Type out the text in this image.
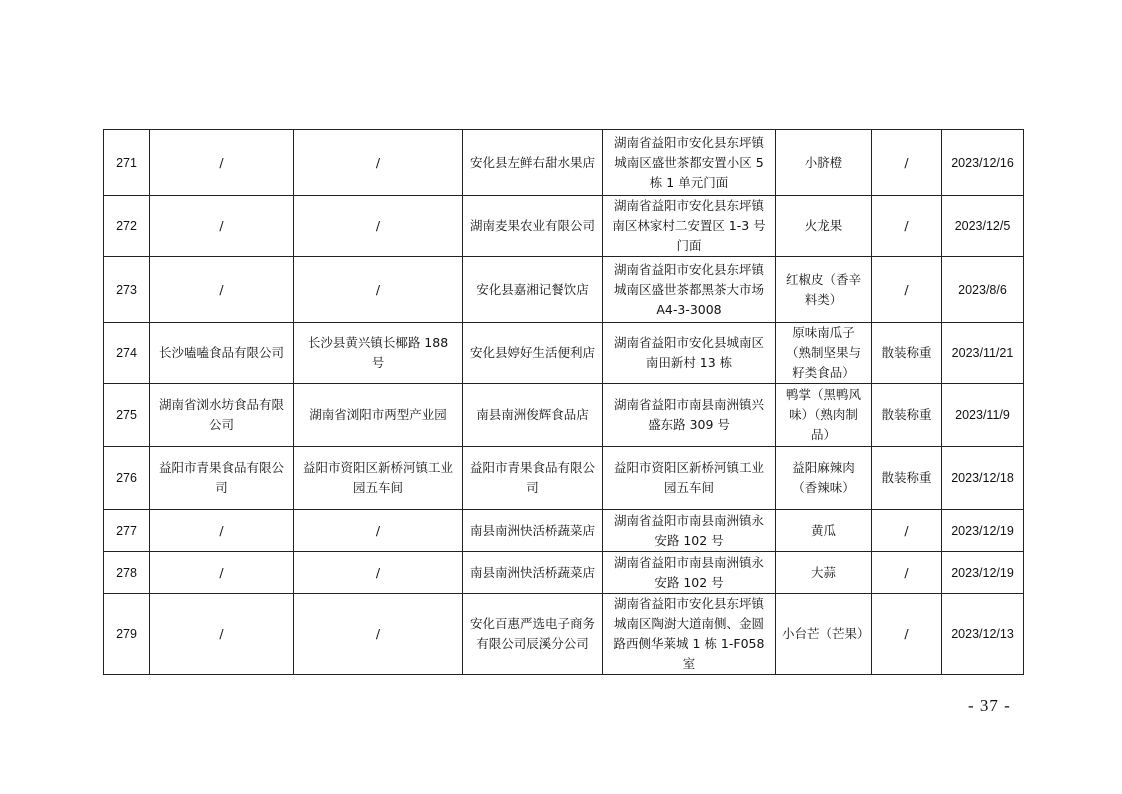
271	/	/	安化县左鲜右甜水果店	湖南省益阳市安化县东坪镇城南区盛世茶都安置小区 5 栋 1 单元门面	小脐橙	/	2023/12/16
272	/	/	湖南麦果农业有限公司	湖南省益阳市安化县东坪镇南区林家村二安置区 1-3 号门面	火龙果	/	2023/12/5
273	/	/	安化县嘉湘记餐饮店	湖南省益阳市安化县东坪镇城南区盛世茶都黑茶大市场 A4-3-3008	红椒皮（香辛料类）	/	2023/8/6
274	长沙嗑嗑食品有限公司	长沙县黄兴镇长椰路 188 号	安化县婷好生活便利店	湖南省益阳市安化县城南区南田新村 13 栋	原味南瓜子（熟制坚果与籽类食品）	散装称重	2023/11/21
275	湖南省浏水坊食品有限公司	湖南省浏阳市两型产业园	南县南洲俊辉食品店	湖南省益阳市南县南洲镇兴盛东路 309 号	鸭掌（黑鸭风味）（熟肉制品）	散装称重	2023/11/9
276	益阳市青果食品有限公司	益阳市资阳区新桥河镇工业园五车间	益阳市青果食品有限公司	益阳市资阳区新桥河镇工业园五车间	益阳麻辣肉（香辣味）	散装称重	2023/12/18
277	/	/	南县南洲快活桥蔬菜店	湖南省益阳市南县南洲镇永安路 102 号	黄瓜	/	2023/12/19
278	/	/	南县南洲快活桥蔬菜店	湖南省益阳市南县南洲镇永安路 102 号	大蒜	/	2023/12/19
279	/	/	安化百惠严选电子商务有限公司辰溪分公司	湖南省益阳市安化县东坪镇城南区陶澍大道南侧、金圆路西侧华莱城 1 栋 1-F058 室	小台芒（芒果）	/	2023/12/13
- 37 -
